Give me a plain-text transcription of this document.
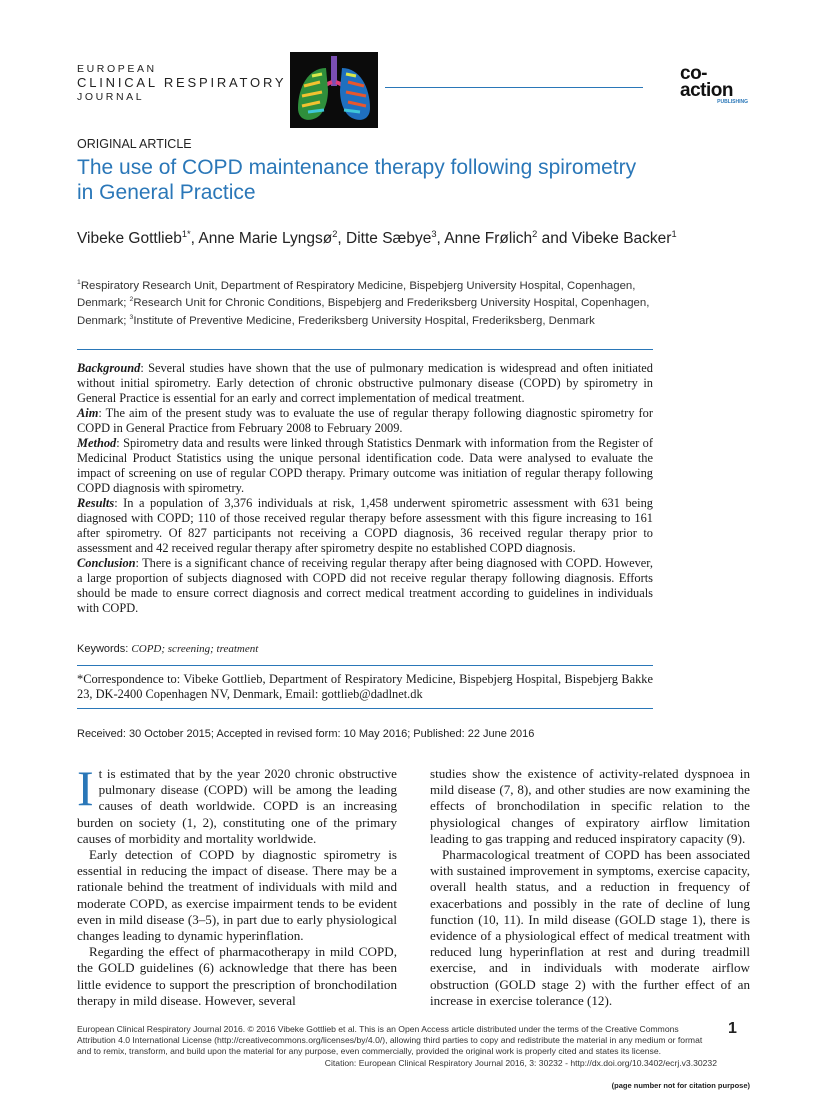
EUROPEAN

CLINICAL RESPIRATORY
JOURNAL
co-
action
PUBLISHING
ORIGINAL ARTICLE
The use of COPD maintenance therapy following spirometry in General Practice
Vibeke Gottlieb$^{1*}$, Anne Marie Lyngsø$^2$, Ditte Sæbye$^3$, Anne Frølich$^2$ and Vibeke Backer$^1$
$^1$Respiratory Research Unit, Department of Respiratory Medicine, Bispebjerg University Hospital, Copenhagen, Denmark; $^2$Research Unit for Chronic Conditions, Bispebjerg and Frederiksberg University Hospital, Copenhagen, Denmark; $^3$Institute of Preventive Medicine, Frederiksberg University Hospital, Frederiksberg, Denmark

Background: Several studies have shown that the use of pulmonary medication is widespread and often initiated without initial spirometry. Early detection of chronic obstructive pulmonary disease (COPD) by spirometry in General Practice is essential for an early and correct implementation of medical treatment.

Aim: The aim of the present study was to evaluate the use of regular therapy following diagnostic spirometry for COPD in General Practice from February 2008 to February 2009.

Method: Spirometry data and results were linked through Statistics Denmark with information from the Register of Medicinal Product Statistics using the unique personal identification code. Data were analysed to evaluate the impact of screening on use of regular COPD therapy. Primary outcome was initiation of regular therapy following COPD diagnosis with spirometry.

Results: In a population of 3,376 individuals at risk, 1,458 underwent spirometric assessment with 631 being diagnosed with COPD; 110 of those received regular therapy before assessment with this figure increasing to 161 after spirometry. Of 827 participants not receiving a COPD diagnosis, 36 received regular therapy prior to assessment and 42 received regular therapy after spirometry despite no established COPD diagnosis.

Conclusion: There is a significant chance of receiving regular therapy after being diagnosed with COPD. However, a large proportion of subjects diagnosed with COPD did not receive regular therapy following diagnosis. Efforts should be made to ensure correct diagnosis and correct medical treatment according to guidelines in individuals with COPD.

Keywords: COPD; screening; treatment
*Correspondence to: Vibeke Gottlieb, Department of Respiratory Medicine, Bispebjerg Hospital, Bispebjerg Bakke 23, DK-2400 Copenhagen NV, Denmark, Email: gottlieb@dadlnet.dk
Received: 30 October 2015; Accepted in revised form: 10 May 2016; Published: 22 June 2016

It is estimated that by the year 2020 chronic obstructive pulmonary disease (COPD) will be among the leading causes of death worldwide. COPD is an increasing burden on society (1, 2), constituting one of the primary causes of morbidity and mortality worldwide.

Early detection of COPD by diagnostic spirometry is essential in reducing the impact of disease. There may be a rationale behind the treatment of individuals with mild and moderate COPD, as exercise impairment tends to be evident even in mild disease (3–5), in part due to early physiological changes leading to dynamic hyperinflation.

Regarding the effect of pharmacotherapy in mild COPD, the GOLD guidelines (6) acknowledge that there has been little evidence to support the prescription of bronchodilation therapy in mild disease. However, several

studies show the existence of activity-related dyspnoea in mild disease (7, 8), and other studies are now examining the effects of bronchodilation in specific relation to the physiological changes of expiratory airflow limitation leading to gas trapping and reduced inspiratory capacity (9).

Pharmacological treatment of COPD has been associated with sustained improvement in symptoms, exercise capacity, overall health status, and a reduction in frequency of exacerbations and possibly in the rate of decline of lung function (10, 11). In mild disease (GOLD stage 1), there is evidence of a physiological effect of medical treatment with reduced lung hyperinflation at rest and during treadmill exercise, and in individuals with moderate airflow obstruction (GOLD stage 2) with the further effect of an increase in exercise tolerance (12).

European Clinical Respiratory Journal 2016. © 2016 Vibeke Gottlieb et al. This is an Open Access article distributed under the terms of the Creative Commons Attribution 4.0 International License (http://creativecommons.org/licenses/by/4.0/), allowing third parties to copy and redistribute the material in any medium or format and to remix, transform, and build upon the material for any purpose, even commercially, provided the original work is properly cited and states its license.
Citation: European Clinical Respiratory Journal 2016, 3: 30232 - http://dx.doi.org/10.3402/ecrj.v3.30232
1
(page number not for citation purpose)
